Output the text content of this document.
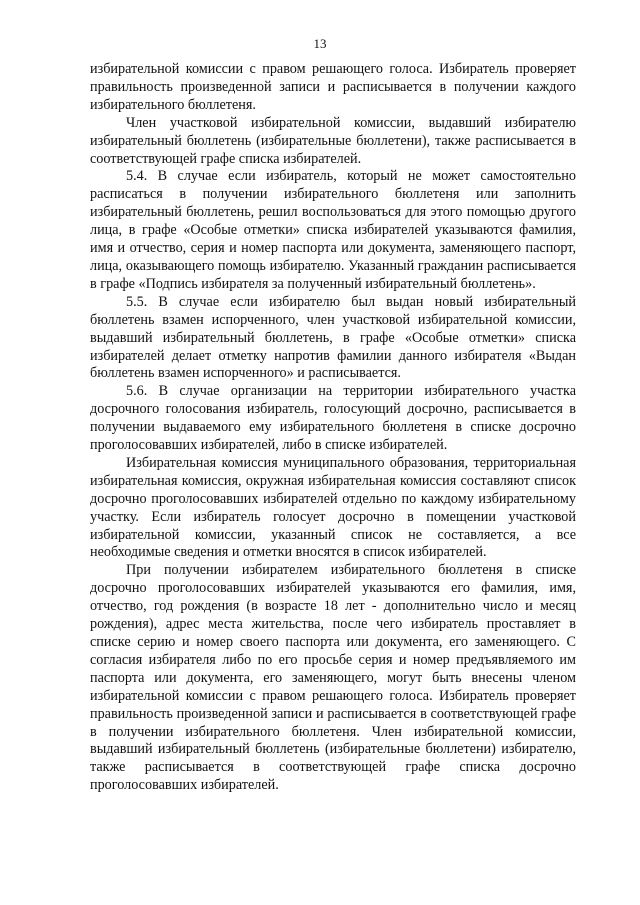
13

избирательной комиссии с правом решающего голоса. Избиратель проверяет правильность произведенной записи и расписывается в получении каждого избирательного бюллетеня.

Член участковой избирательной комиссии, выдавший избирателю избирательный бюллетень (избирательные бюллетени), также расписывается в соответствующей графе списка избирателей.

5.4. В случае если избиратель, который не может самостоятельно расписаться в получении избирательного бюллетеня или заполнить избирательный бюллетень, решил воспользоваться для этого помощью другого лица, в графе «Особые отметки» списка избирателей указываются фамилия, имя и отчество, серия и номер паспорта или документа, заменяющего паспорт, лица, оказывающего помощь избирателю. Указанный гражданин расписывается в графе «Подпись избирателя за полученный избирательный бюллетень».

5.5. В случае если избирателю был выдан новый избирательный бюллетень взамен испорченного, член участковой избирательной комиссии, выдавший избирательный бюллетень, в графе «Особые отметки» списка избирателей делает отметку напротив фамилии данного избирателя «Выдан бюллетень взамен испорченного» и расписывается.

5.6. В случае организации на территории избирательного участка досрочного голосования избиратель, голосующий досрочно, расписывается в получении выдаваемого ему избирательного бюллетеня в списке досрочно проголосовавших избирателей, либо в списке избирателей.

Избирательная комиссия муниципального образования, территориальная избирательная комиссия, окружная избирательная комиссия составляют список досрочно проголосовавших избирателей отдельно по каждому избирательному участку. Если избиратель голосует досрочно в помещении участковой избирательной комиссии, указанный список не составляется, а все необходимые сведения и отметки вносятся в список избирателей.

При получении избирателем избирательного бюллетеня в списке досрочно проголосовавших избирателей указываются его фамилия, имя, отчество, год рождения (в возрасте 18 лет - дополнительно число и месяц рождения), адрес места жительства, после чего избиратель проставляет в списке серию и номер своего паспорта или документа, его заменяющего. С согласия избирателя либо по его просьбе серия и номер предъявляемого им паспорта или документа, его заменяющего, могут быть внесены членом избирательной комиссии с правом решающего голоса. Избиратель проверяет правильность произведенной записи и расписывается в соответствующей графе в получении избирательного бюллетеня. Член избирательной комиссии, выдавший избирательный бюллетень (избирательные бюллетени) избирателю, также расписывается в соответствующей графе списка досрочно проголосовавших избирателей.
